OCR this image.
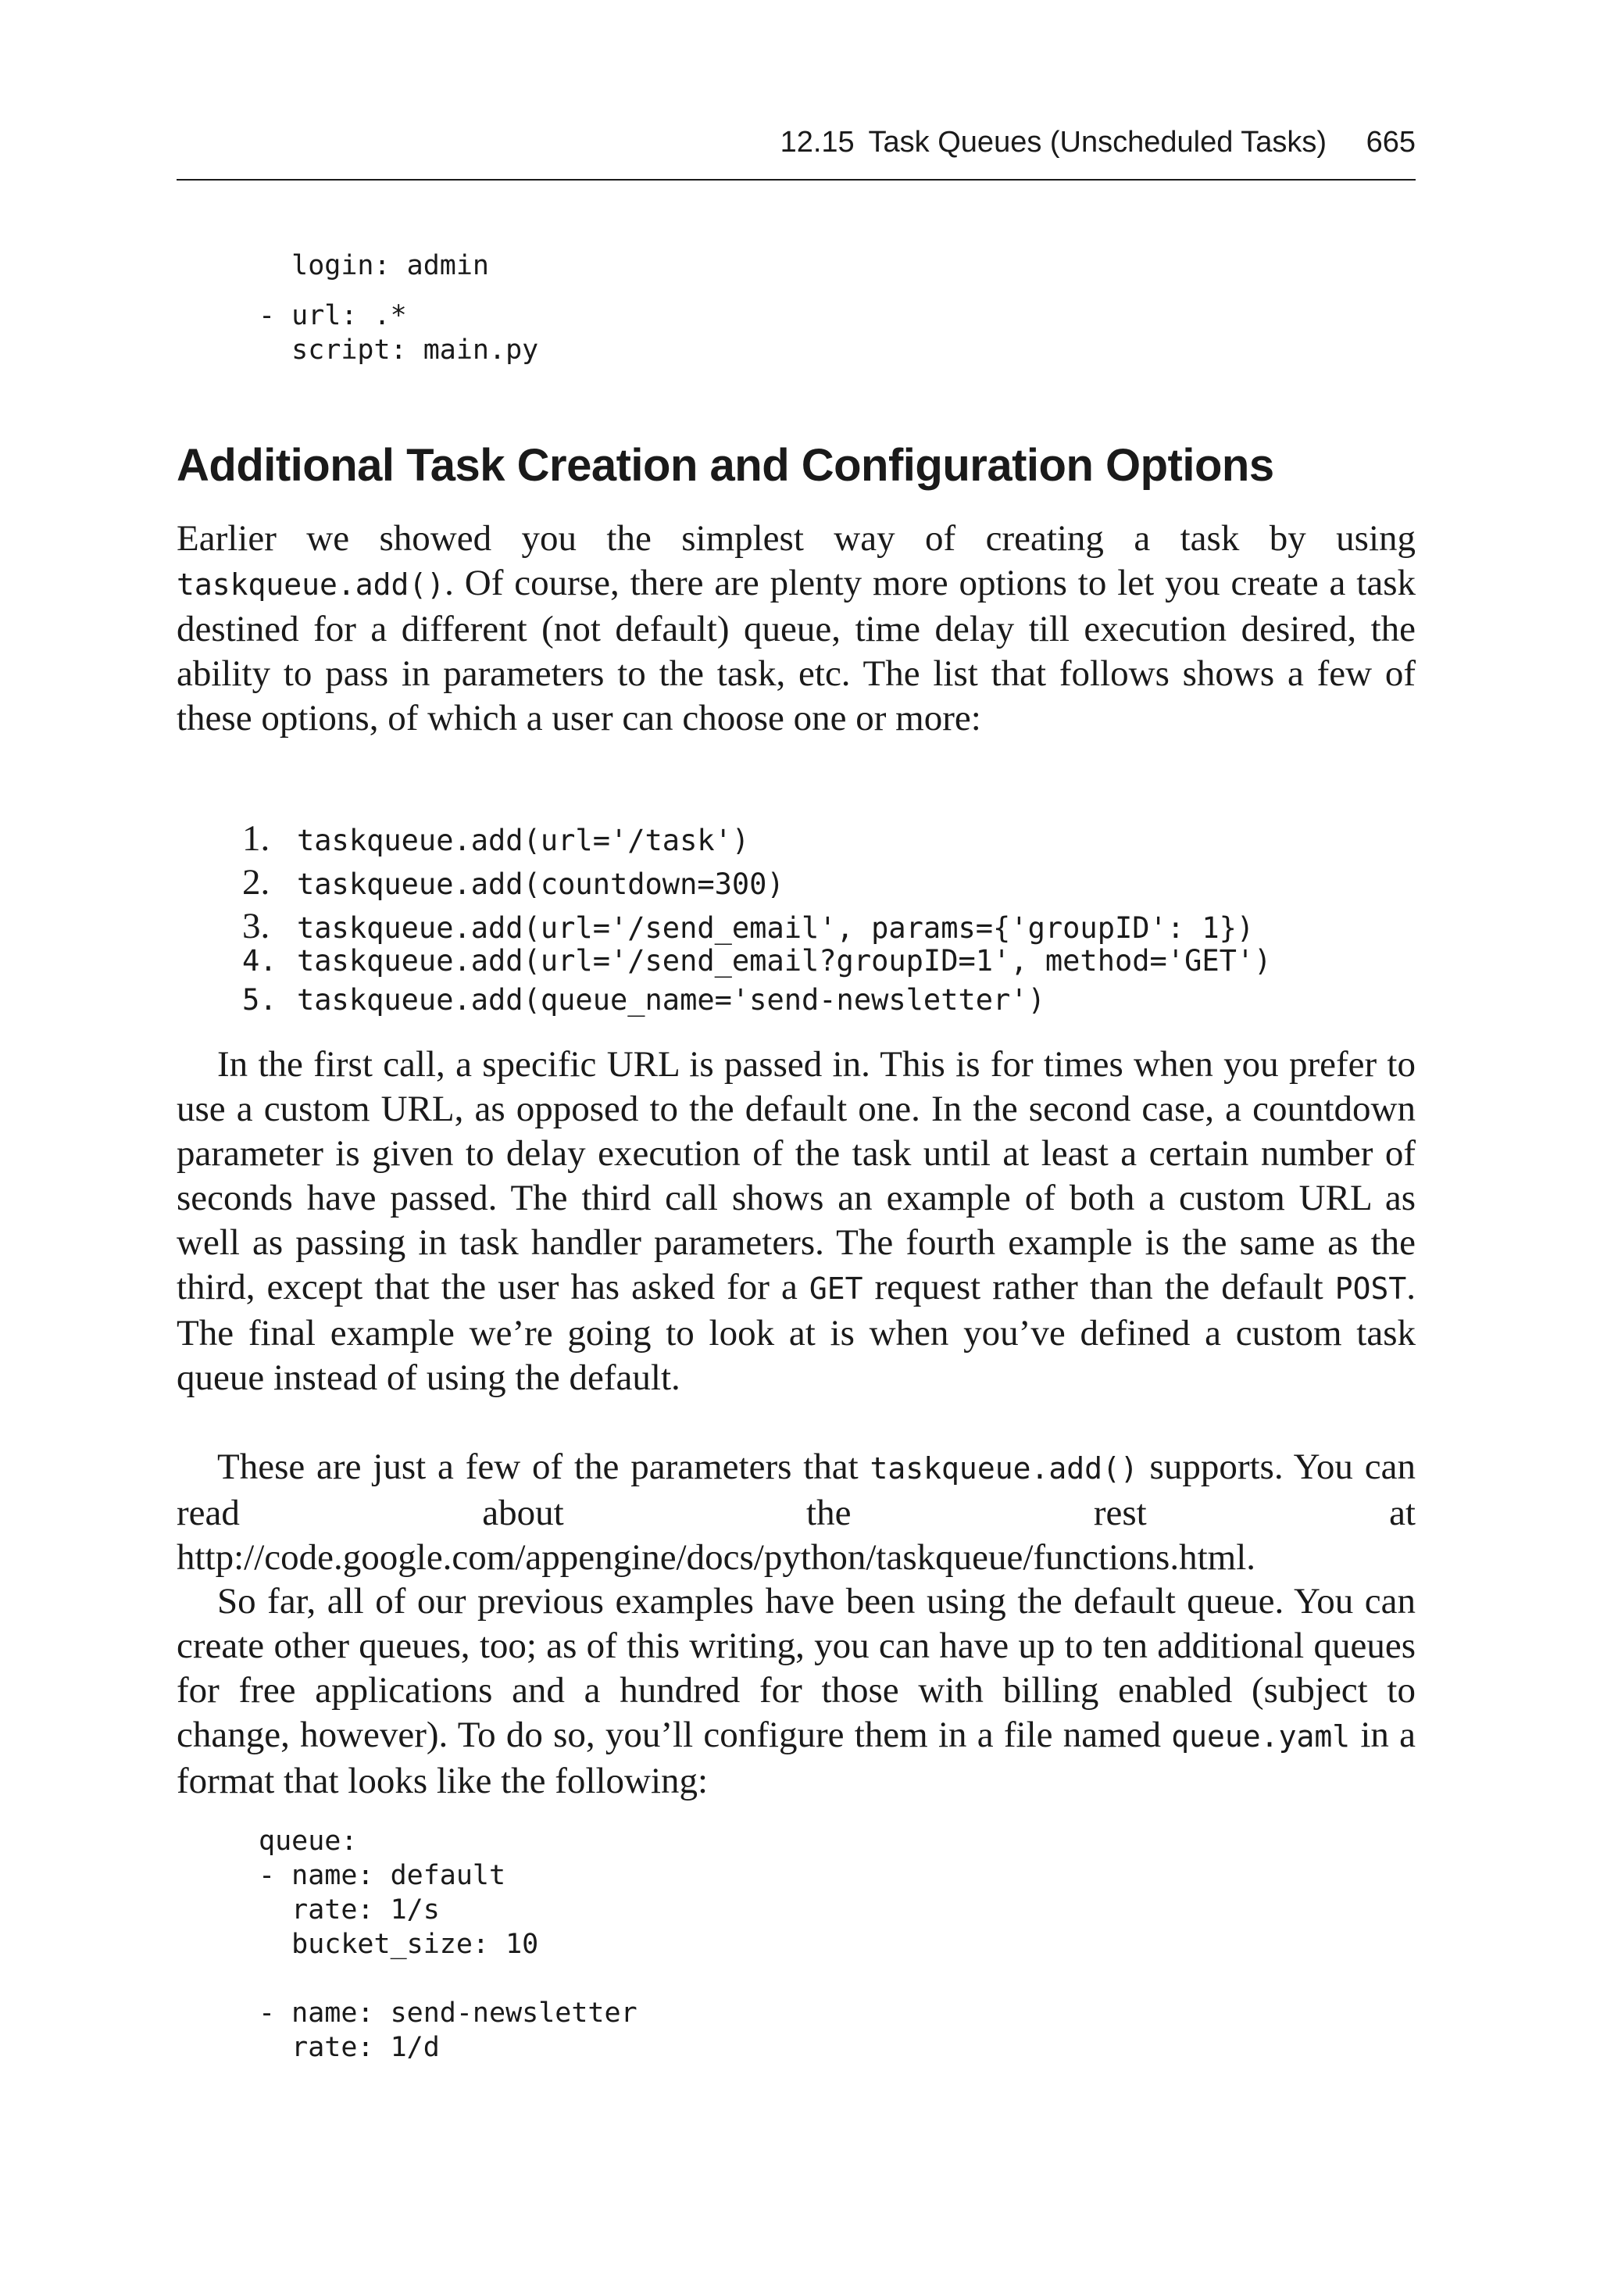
12.15 Task Queues (Unscheduled Tasks) 665
login: admin
- url: .*
script: main.py
Additional Task Creation and Configuration Options

Earlier we showed you the simplest way of creating a task by using taskqueue.add(). Of course, there are plenty more options to let you create a task destined for a different (not default) queue, time delay till execution desired, the ability to pass in parameters to the task, etc. The list that follows shows a few of these options, of which a user can choose one or more:

1. taskqueue.add(url='/task')
2. taskqueue.add(countdown=300)
3. taskqueue.add(url='/send_email', params={'groupID': 1})
4. taskqueue.add(url='/send_email?groupID=1', method='GET')
5. taskqueue.add(queue_name='send-newsletter')

In the first call, a specific URL is passed in. This is for times when you prefer to use a custom URL, as opposed to the default one. In the second case, a countdown parameter is given to delay execution of the task until at least a certain number of seconds have passed. The third call shows an example of both a custom URL as well as passing in task handler parameters. The fourth example is the same as the third, except that the user has asked for a GET request rather than the default POST. The final example we’re going to look at is when you’ve defined a custom task queue instead of using the default.

These are just a few of the parameters that taskqueue.add() supports. You can read about the rest at http://code.google.com/appengine/docs/python/taskqueue/functions.html.

So far, all of our previous examples have been using the default queue. You can create other queues, too; as of this writing, you can have up to ten additional queues for free applications and a hundred for those with billing enabled (subject to change, however). To do so, you’ll configure them in a file named queue.yaml in a format that looks like the following:

queue:
- name: default
rate: 1/s
bucket_size: 10
- name: send-newsletter
rate: 1/d
